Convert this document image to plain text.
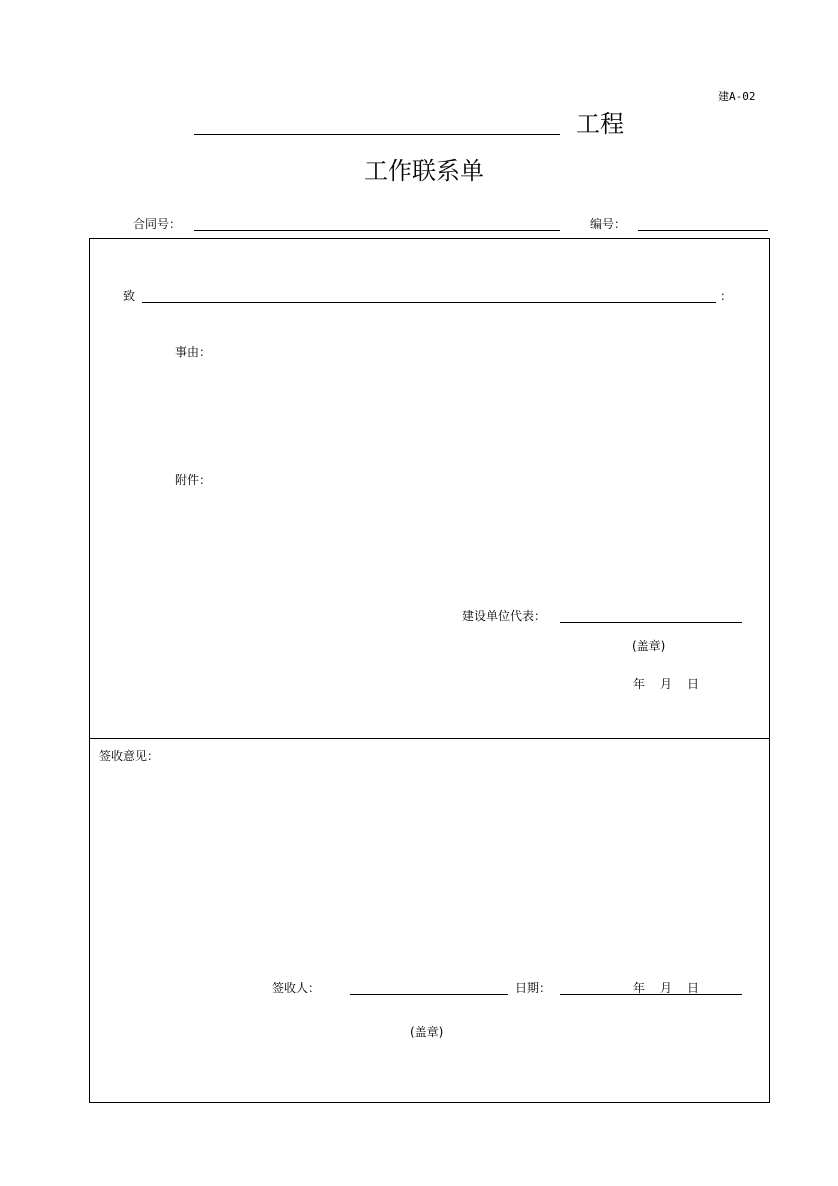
建A-02
工程
工作联系单
合同号：	编号：
致	：
事由：
附件：
建设单位代表：
(盖章)
年 月 日
签收意见：
签收人：	日期：	年 月 日
(盖章)
